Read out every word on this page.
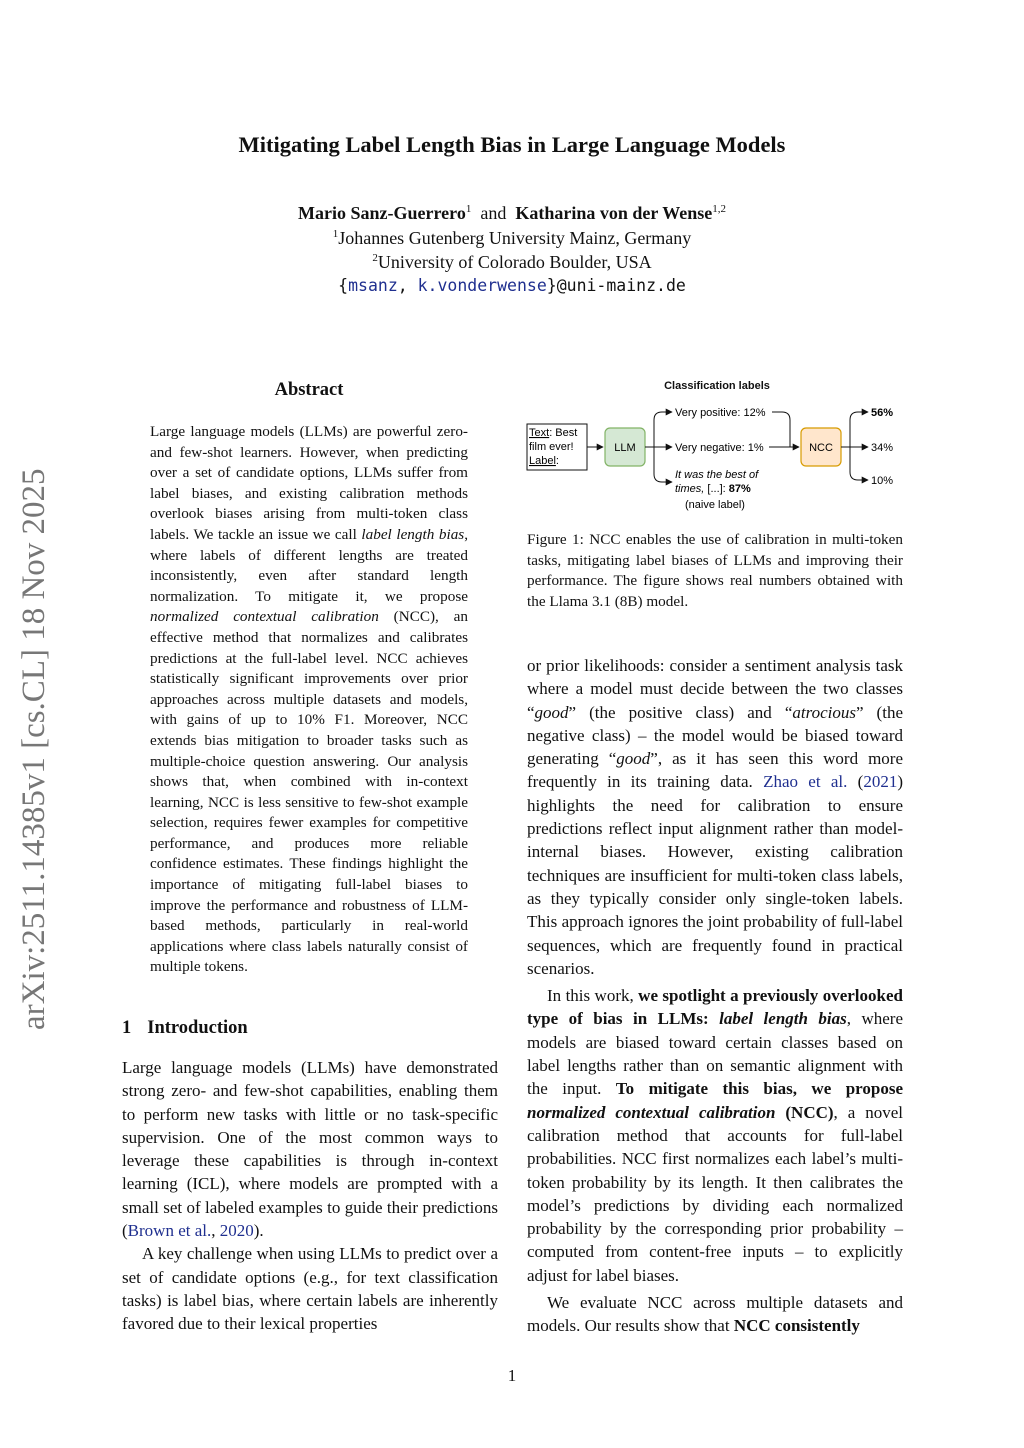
Mitigating Label Length Bias in Large Language Models
Mario Sanz-Guerrero$^1$ and Katharina von der Wense$^{1,2}$
$^1$Johannes Gutenberg University Mainz, Germany
$^2$University of Colorado Boulder, USA
{msanz, k.vonderwense}@uni-mainz.de
arXiv:2511.14385v1 [cs.CL] 18 Nov 2025
Abstract
Large language models (LLMs) are powerful zero- and few-shot learners. However, when predicting over a set of candidate options, LLMs suffer from label biases, and existing calibration methods overlook biases arising from multi-token class labels. We tackle an issue we call label length bias, where labels of different lengths are treated inconsistently, even after standard length normalization. To mitigate it, we propose normalized contextual calibration (NCC), an effective method that normalizes and calibrates predictions at the full-label level. NCC achieves statistically significant improvements over prior approaches across multiple datasets and models, with gains of up to 10% F1. Moreover, NCC extends bias mitigation to broader tasks such as multiple-choice question answering. Our analysis shows that, when combined with in-context learning, NCC is less sensitive to few-shot example selection, requires fewer examples for competitive performance, and produces more reliable confidence estimates. These findings highlight the importance of mitigating full-label biases to improve the performance and robustness of LLM-based methods, particularly in real-world applications where class labels naturally consist of multiple tokens.
1 Introduction

Large language models (LLMs) have demonstrated strong zero- and few-shot capabilities, enabling them to perform new tasks with little or no task-specific supervision. One of the most common ways to leverage these capabilities is through in-context learning (ICL), where models are prompted with a small set of labeled examples to guide their predictions (Brown et al., 2020).

A key challenge when using LLMs to predict over a set of candidate options (e.g., for text classification tasks) is label bias, where certain labels are inherently favored due to their lexical properties

Classification labels
Text: Best
film ever!
Label:
LLM
Very positive: 12%
Very negative: 1%
It was the best of
times, [...]: 87%
(naive label)
NCC
56%
34%
10%
Figure 1: NCC enables the use of calibration in multi-token tasks, mitigating label biases of LLMs and improving their performance. The figure shows real numbers obtained with the Llama 3.1 (8B) model.

or prior likelihoods: consider a sentiment analysis task where a model must decide between the two classes “good” (the positive class) and “atrocious” (the negative class) – the model would be biased toward generating “good”, as it has seen this word more frequently in its training data. Zhao et al. (2021) highlights the need for calibration to ensure predictions reflect input alignment rather than model-internal biases. However, existing calibration techniques are insufficient for multi-token class labels, as they typically consider only single-token labels. This approach ignores the joint probability of full-label sequences, which are frequently found in practical scenarios.

In this work, we spotlight a previously overlooked type of bias in LLMs: label length bias, where models are biased toward certain classes based on label lengths rather than on semantic alignment with the input. To mitigate this bias, we propose normalized contextual calibration (NCC), a novel calibration method that accounts for full-label probabilities. NCC first normalizes each label’s multi-token probability by its length. It then calibrates the model’s predictions by dividing each normalized probability by the corresponding prior probability – computed from content-free inputs – to explicitly adjust for label biases.

We evaluate NCC across multiple datasets and models. Our results show that NCC consistently

1
